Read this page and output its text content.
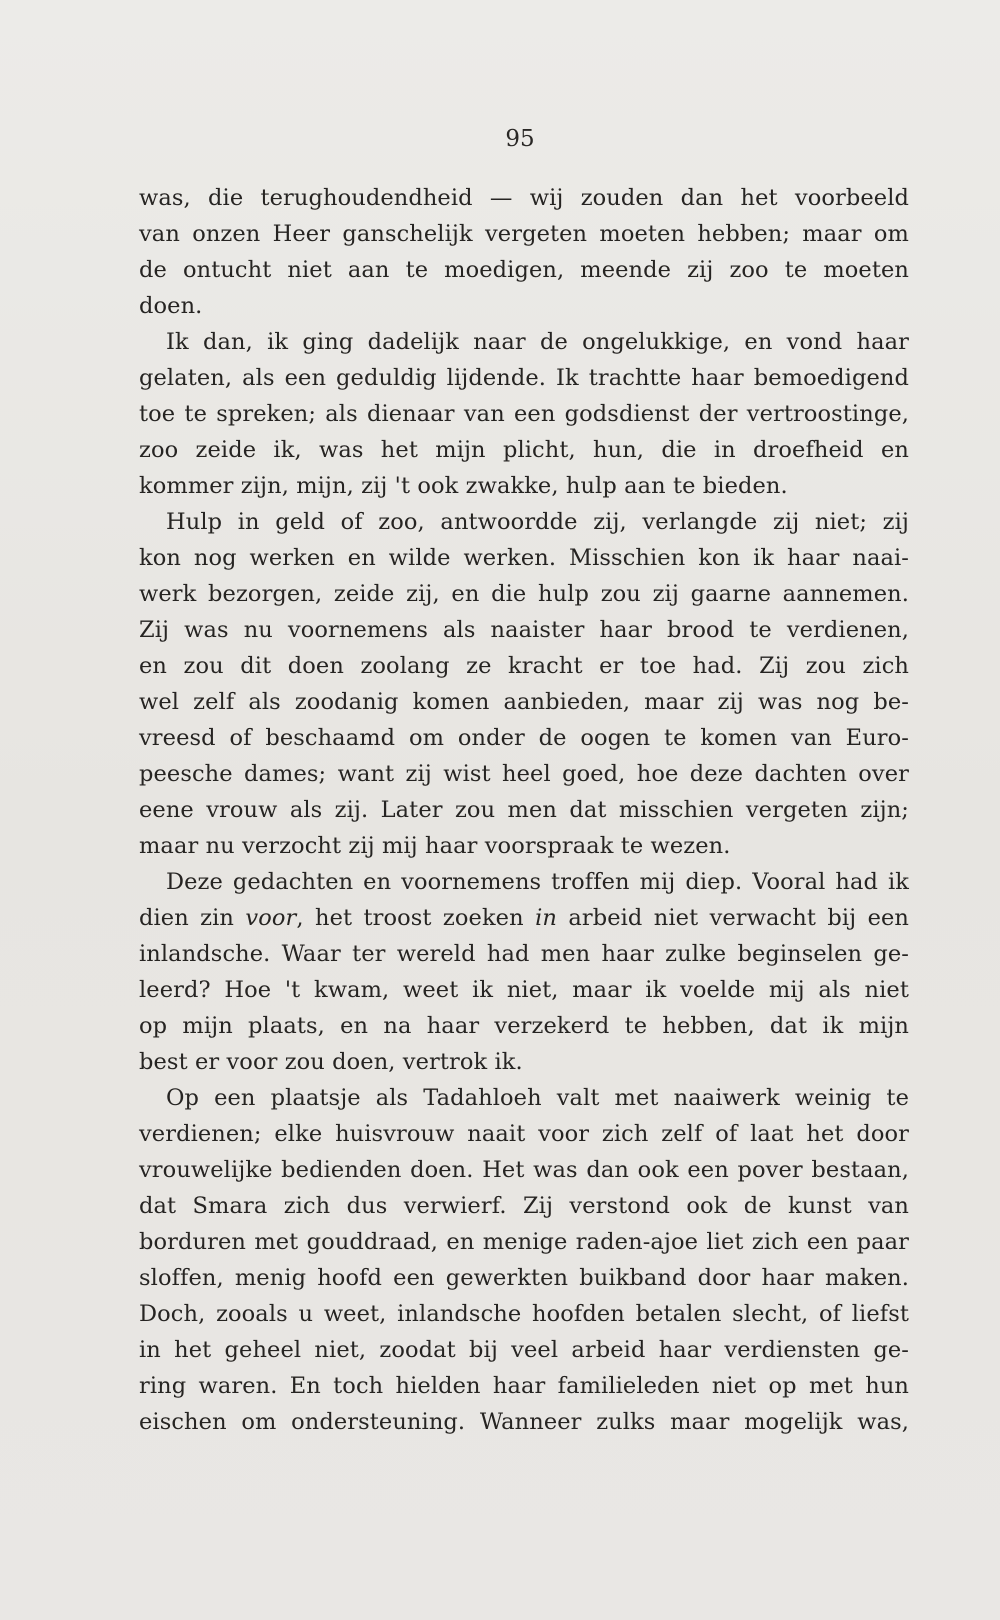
95

was, die terughoudendheid — wij zouden dan het voorbeeld
van onzen Heer ganschelijk vergeten moeten hebben; maar om
de ontucht niet aan te moedigen, meende zij zoo te moeten
doen.
Ik dan, ik ging dadelijk naar de ongelukkige, en vond haar
gelaten, als een geduldig lijdende. Ik trachtte haar bemoedigend
toe te spreken; als dienaar van een godsdienst der vertroostinge,
zoo zeide ik, was het mijn plicht, hun, die in droefheid en
kommer zijn, mijn, zij 't ook zwakke, hulp aan te bieden.
Hulp in geld of zoo, antwoordde zij, verlangde zij niet; zij
kon nog werken en wilde werken. Misschien kon ik haar naai-
werk bezorgen, zeide zij, en die hulp zou zij gaarne aannemen.
Zij was nu voornemens als naaister haar brood te verdienen,
en zou dit doen zoolang ze kracht er toe had. Zij zou zich
wel zelf als zoodanig komen aanbieden, maar zij was nog be-
vreesd of beschaamd om onder de oogen te komen van Euro-
peesche dames; want zij wist heel goed, hoe deze dachten over
eene vrouw als zij. Later zou men dat misschien vergeten zijn;
maar nu verzocht zij mij haar voorspraak te wezen.
Deze gedachten en voornemens troffen mij diep. Vooral had ik
dien zin voor, het troost zoeken in arbeid niet verwacht bij een
inlandsche. Waar ter wereld had men haar zulke beginselen ge-
leerd? Hoe 't kwam, weet ik niet, maar ik voelde mij als niet
op mijn plaats, en na haar verzekerd te hebben, dat ik mijn
best er voor zou doen, vertrok ik.
Op een plaatsje als Tadahloeh valt met naaiwerk weinig te
verdienen; elke huisvrouw naait voor zich zelf of laat het door
vrouwelijke bedienden doen. Het was dan ook een pover bestaan,
dat Smara zich dus verwierf. Zij verstond ook de kunst van
borduren met gouddraad, en menige raden-ajoe liet zich een paar
sloffen, menig hoofd een gewerkten buikband door haar maken.
Doch, zooals u weet, inlandsche hoofden betalen slecht, of liefst
in het geheel niet, zoodat bij veel arbeid haar verdiensten ge-
ring waren. En toch hielden haar familieleden niet op met hun
eischen om ondersteuning. Wanneer zulks maar mogelijk was,
